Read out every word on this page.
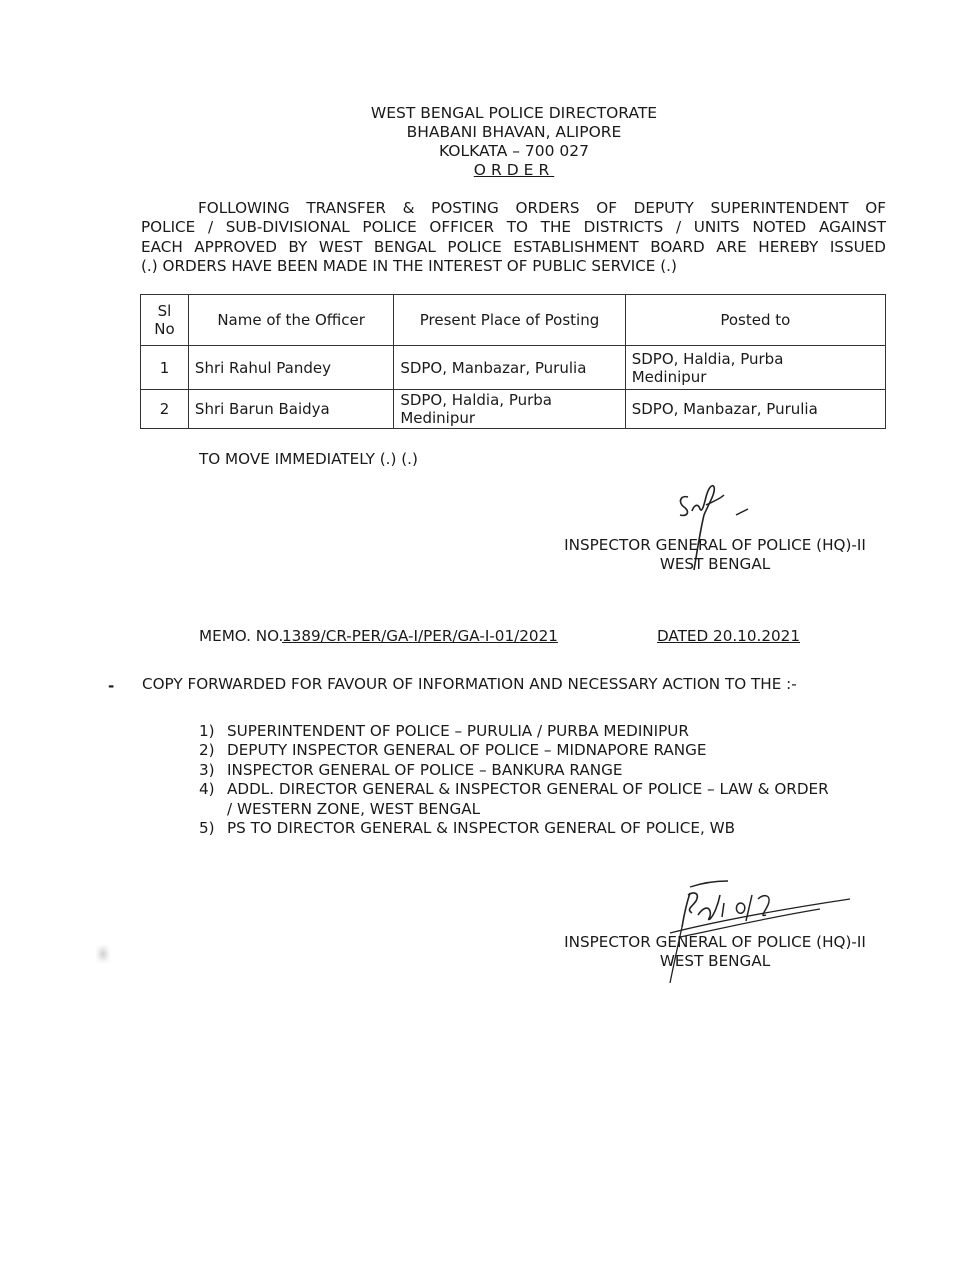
WEST BENGAL POLICE DIRECTORATE
BHABANI BHAVAN, ALIPORE
KOLKATA – 700 027
ORDER
FOLLOWING TRANSFER & POSTING ORDERS OF DEPUTY SUPERINTENDENT OF
POLICE / SUB-DIVISIONAL POLICE OFFICER TO THE DISTRICTS / UNITS NOTED AGAINST
EACH APPROVED BY WEST BENGAL POLICE ESTABLISHMENT BOARD ARE HEREBY ISSUED
(.) ORDERS HAVE BEEN MADE IN THE INTEREST OF PUBLIC SERVICE (.)
Sl
No	Name of the Officer	Present Place of Posting	Posted to
1	Shri Rahul Pandey	SDPO, Manbazar, Purulia	SDPO, Haldia, Purba
Medinipur
2	Shri Barun Baidya	SDPO, Haldia, Purba
Medinipur	SDPO, Manbazar, Purulia
TO MOVE IMMEDIATELY (.) (.)
INSPECTOR GENERAL OF POLICE (HQ)-II
WEST BENGAL
MEMO. NO.
1389/CR-PER/GA-I/PER/GA-I-01/2021	DATED 20.10.2021
- COPY FORWARDED FOR FAVOUR OF INFORMATION AND NECESSARY ACTION TO THE :-
1) SUPERINTENDENT OF POLICE – PURULIA / PURBA MEDINIPUR
2) DEPUTY INSPECTOR GENERAL OF POLICE – MIDNAPORE RANGE
3) INSPECTOR GENERAL OF POLICE – BANKURA RANGE
4) ADDL. DIRECTOR GENERAL & INSPECTOR GENERAL OF POLICE – LAW & ORDER
/ WESTERN ZONE, WEST BENGAL
5) PS TO DIRECTOR GENERAL & INSPECTOR GENERAL OF POLICE, WB
INSPECTOR GENERAL OF POLICE (HQ)-II
WEST BENGAL
